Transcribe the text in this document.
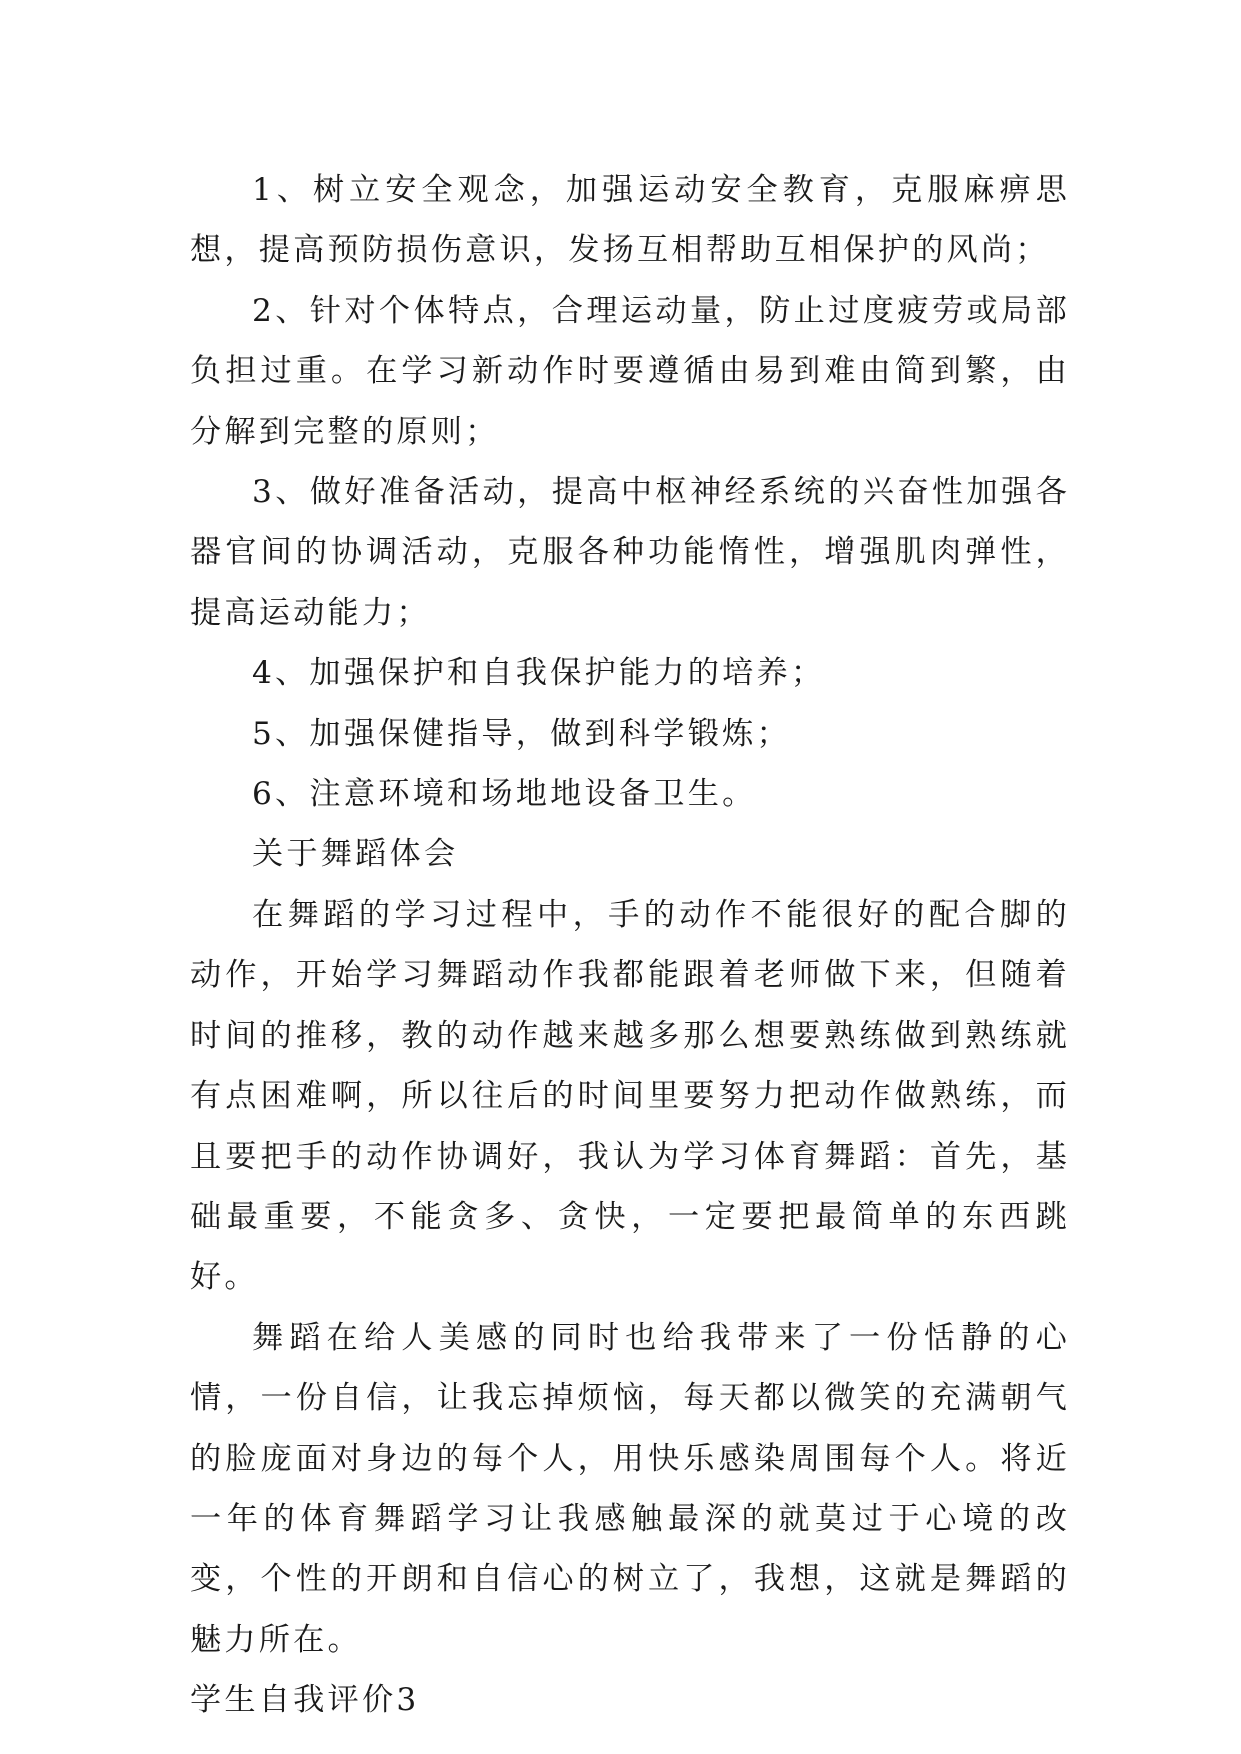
1、树立安全观念，加强运动安全教育，克服麻痹思想，提高预防损伤意识，发扬互相帮助互相保护的风尚；

2、针对个体特点，合理运动量，防止过度疲劳或局部负担过重。在学习新动作时要遵循由易到难由简到繁，由分解到完整的原则；

3、做好准备活动，提高中枢神经系统的兴奋性加强各器官间的协调活动，克服各种功能惰性，增强肌肉弹性，提高运动能力；

4、加强保护和自我保护能力的培养；

5、加强保健指导，做到科学锻炼；

6、注意环境和场地地设备卫生。

关于舞蹈体会

在舞蹈的学习过程中，手的动作不能很好的配合脚的动作，开始学习舞蹈动作我都能跟着老师做下来，但随着时间的推移，教的动作越来越多那么想要熟练做到熟练就有点困难啊，所以往后的时间里要努力把动作做熟练，而且要把手的动作协调好，我认为学习体育舞蹈：首先，基础最重要，不能贪多、贪快，一定要把最简单的东西跳好。

舞蹈在给人美感的同时也给我带来了一份恬静的心情，一份自信，让我忘掉烦恼，每天都以微笑的充满朝气的脸庞面对身边的每个人，用快乐感染周围每个人。将近一年的体育舞蹈学习让我感触最深的就莫过于心境的改变，个性的开朗和自信心的树立了，我想，这就是舞蹈的魅力所在。

学生自我评价3
